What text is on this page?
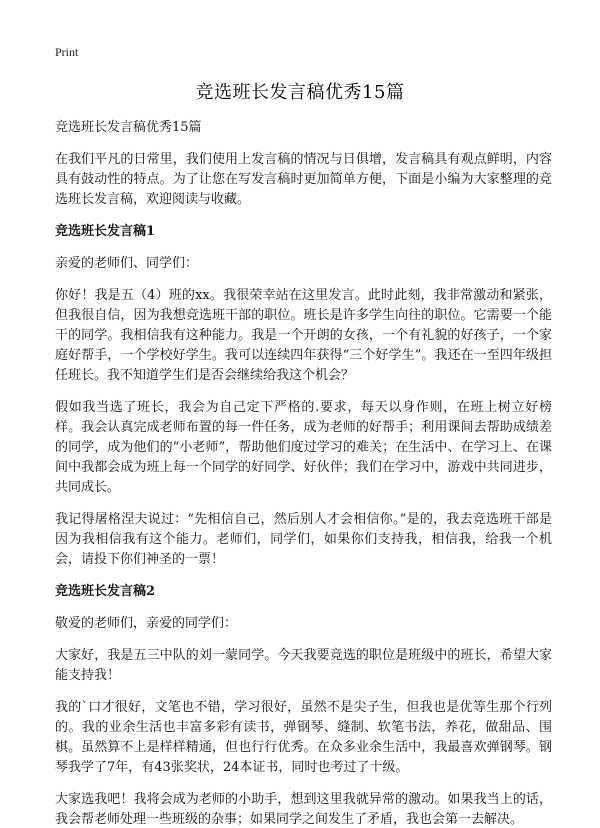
Print
竞选班长发言稿优秀15篇

竞选班长发言稿优秀15篇

在我们平凡的日常里，我们使用上发言稿的情况与日俱增，发言稿具有观点鲜明，内容具有鼓动性的特点。为了让您在写发言稿时更加简单方便，下面是小编为大家整理的竞选班长发言稿，欢迎阅读与收藏。

竞选班长发言稿1

亲爱的老师们、同学们：

你好！我是五（4）班的xx。我很荣幸站在这里发言。此时此刻，我非常激动和紧张，但我很自信，因为我想竞选班干部的职位。班长是许多学生向往的职位。它需要一个能干的同学。我相信我有这种能力。我是一个开朗的女孩，一个有礼貌的好孩子，一个家庭好帮手，一个学校好学生。我可以连续四年获得“三个好学生”。我还在一至四年级担任班长。我不知道学生们是否会继续给我这个机会？

假如我当选了班长，我会为自己定下严格的.要求，每天以身作则，在班上树立好榜样。我会认真完成老师布置的每一件任务，成为老师的好帮手；利用课间去帮助成绩差的同学，成为他们的“小老师”，帮助他们度过学习的难关；在生活中、在学习上、在课间中我都会成为班上每一个同学的好同学、好伙伴；我们在学习中，游戏中共同进步，共同成长。

我记得屠格涅夫说过：“先相信自己，然后别人才会相信你。”是的，我去竞选班干部是因为我相信我有这个能力。老师们，同学们，如果你们支持我，相信我，给我一个机会，请投下你们神圣的一票！

竞选班长发言稿2

敬爱的老师们，亲爱的同学们：

大家好，我是五三中队的刘一蒙同学。今天我要竞选的职位是班级中的班长，希望大家能支持我！

我的`口才很好，文笔也不错，学习很好，虽然不是尖子生，但我也是优等生那个行列的。我的业余生活也丰富多彩有读书，弹钢琴、缝制、软笔书法，养花，做甜品、围棋。虽然算不上是样样精通，但也行行优秀。在众多业余生活中，我最喜欢弹钢琴。钢琴我学了7年，有43张奖状，24本证书，同时也考过了十级。

大家选我吧！我将会成为老师的小助手，想到这里我就异常的激动。如果我当上的话，我会帮老师处理一些班级的杂事；如果同学之间发生了矛盾，我也会第一去解决。
